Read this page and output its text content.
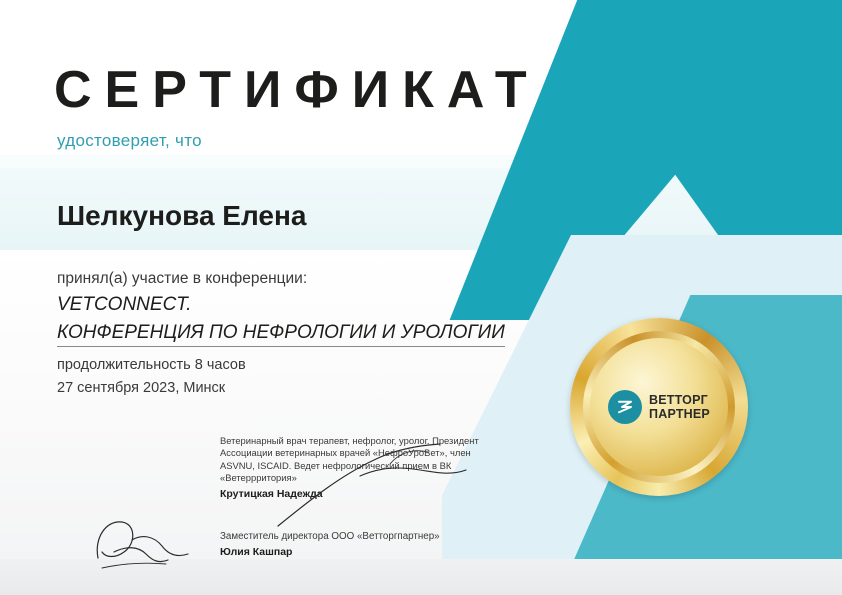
СЕРТИФИКАТ
удостоверяет, что
Шелкунова Елена
принял(а) участие в конференции:
VETCONNECT.
КОНФЕРЕНЦИЯ ПО НЕФРОЛОГИИ И УРОЛОГИИ
продолжительность 8 часов
27 сентября 2023, Минск
Ветеринарный врач терапевт, нефролог, уролог. Президент Ассоциации ветеринарных врачей «НефроУроВет», член ASVNU, ISCAID. Ведет нефрологический прием в ВК «Ветеррритория»
Крутицкая Надежда
Заместитель директора ООО «Ветторгпартнер»
Юлия Кашпар
ВЕТТОРГ
ПАРТНЕР
